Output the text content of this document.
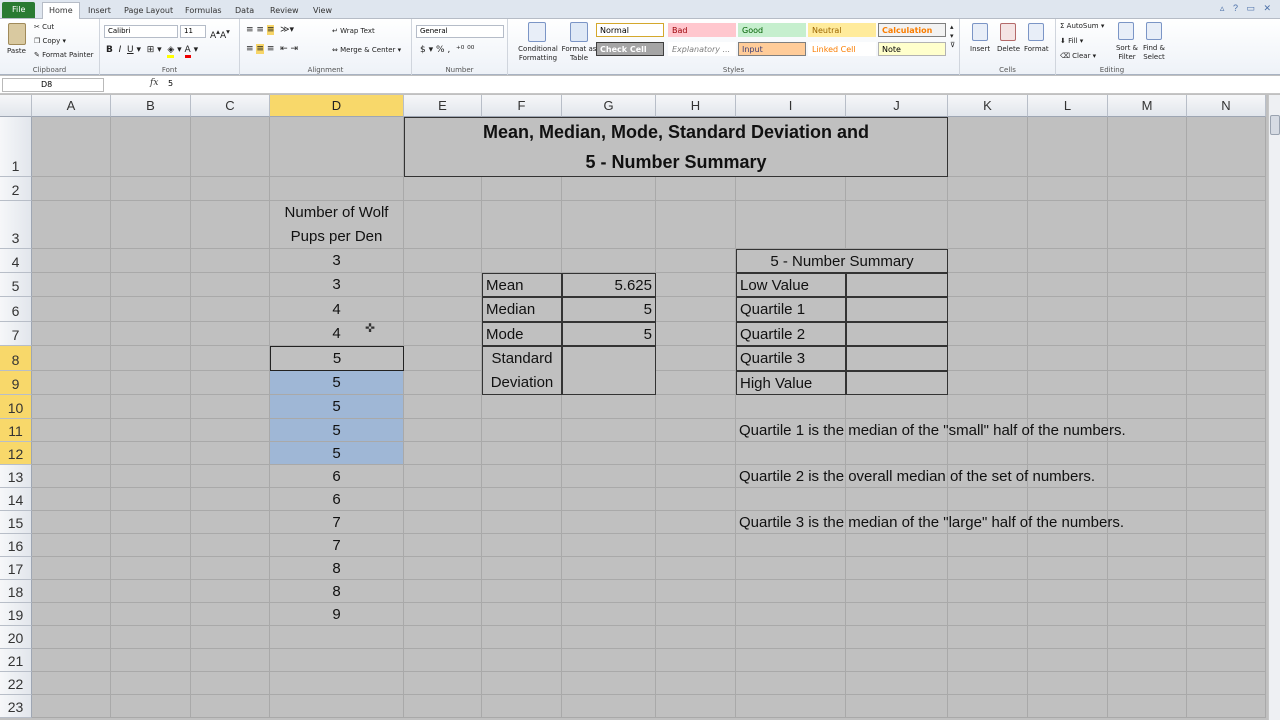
File	Home	Insert	Page Layout	Formulas	Data	Review	View	▵ ? ▭ ✕
Paste
✂ Cut
❐ Copy ▾
✎ Format Painter
Clipboard
Calibri	11	A▴A▾
B I U ▾  ⊞ ▾  ◈ ▾ A ▾
Font
≡ ≡ ≡  ≫▾
≡ ≡ ≡  ⇤ ⇥
↵ Wrap Text
⇔ Merge & Center ▾
Alignment
General
$ ▾ % ‚  ⁺⁰ ⁰⁰
Number
Conditional Formatting
Format as Table
Normal	Bad	Good	Neutral	Calculation
Check Cell	Explanatory ...	Input	Linked Cell	Note
▴
▾
⊽
Styles
Insert Delete Format
Cells
Σ AutoSum ▾
⬇ Fill ▾
⌫ Clear ▾
Sort & Filter
Find & Select
Editing
D8	fx 5
A	B	C	D	E	F	G	H	I	J	K	L	M	N
1
2
3
4
5
6
7
8
9
10
11
12
13
14
15
16
17
18
19
20
21
22
23
Mean, Median, Mode, Standard Deviation and
5 - Number Summary
Number of Wolf
Pups per Den
3
3
4
4
5
5
5
5
5
6
6
7
7
8
8
9
Mean	5.625
Median	5
Mode	5
Standard
Deviation
5 - Number Summary
Low Value
Quartile 1
Quartile 2
Quartile 3
High Value
Quartile 1 is the median of the "small" half of the numbers.
Quartile 2 is the overall median of the set of numbers.
Quartile 3 is the median of the "large" half of the numbers.
✜
